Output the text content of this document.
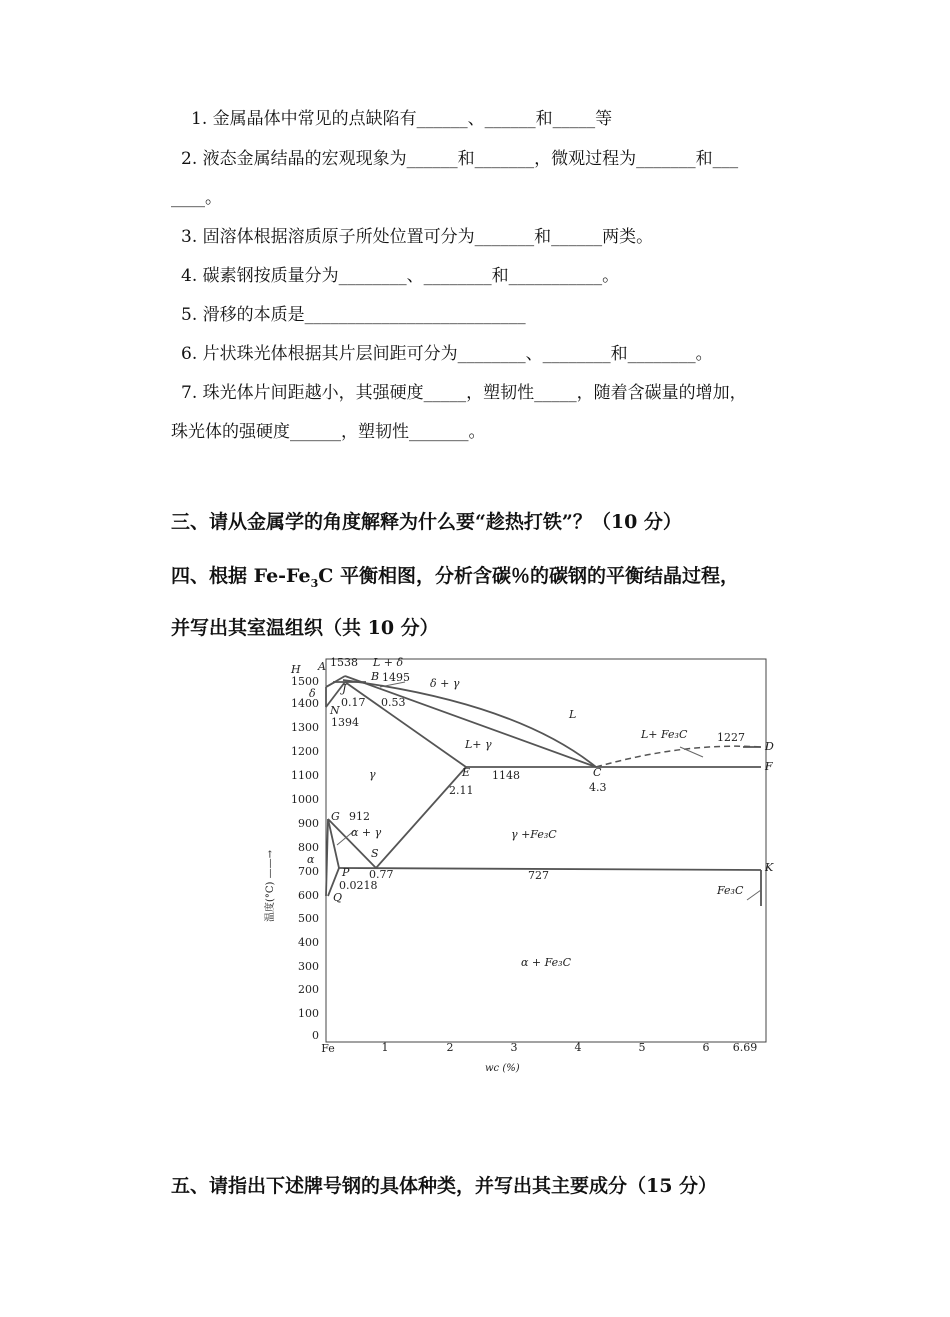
1. 金属晶体中常见的点缺陷有______、______和_____等
2. 液态金属结晶的宏观现象为______和_______，微观过程为_______和___
____。
3. 固溶体根据溶质原子所处位置可分为_______和______两类。
4. 碳素钢按质量分为________、________和___________。
5. 滑移的本质是__________________________
6. 片状珠光体根据其片层间距可分为________、________和________。
7. 珠光体片间距越小，其强硬度_____，塑韧性_____，随着含碳量的增加，
珠光体的强硬度______，塑韧性_______。
三、请从金属学的角度解释为什么要“趁热打铁”？（10 分）
四、根据 $Fe-Fe_3C$ 平衡相图，分析含碳％的碳钢的平衡结晶过程，
并写出其室温组织（共 10 分）
0
100
200
300
400
500
600
700
800
900
1000
1100
1200
1300
1400
1500
温度(°C) ——→
Fe	1	2	3	4	5	6 6.69
wc (%)
H A
B
J
N
δ
G
α	S
P
Q
E	C
D
F
K
1538
1495
0.17 0.53
1394
912
0.77
0.0218
2.11
1148
4.3
1227
727
L + δ
δ + γ
L
L+ γ
L+ Fe₃C
γ
α + γ	γ +Fe₃C
α + Fe₃C
Fe₃C
五、请指出下述牌号钢的具体种类，并写出其主要成分（15 分）
